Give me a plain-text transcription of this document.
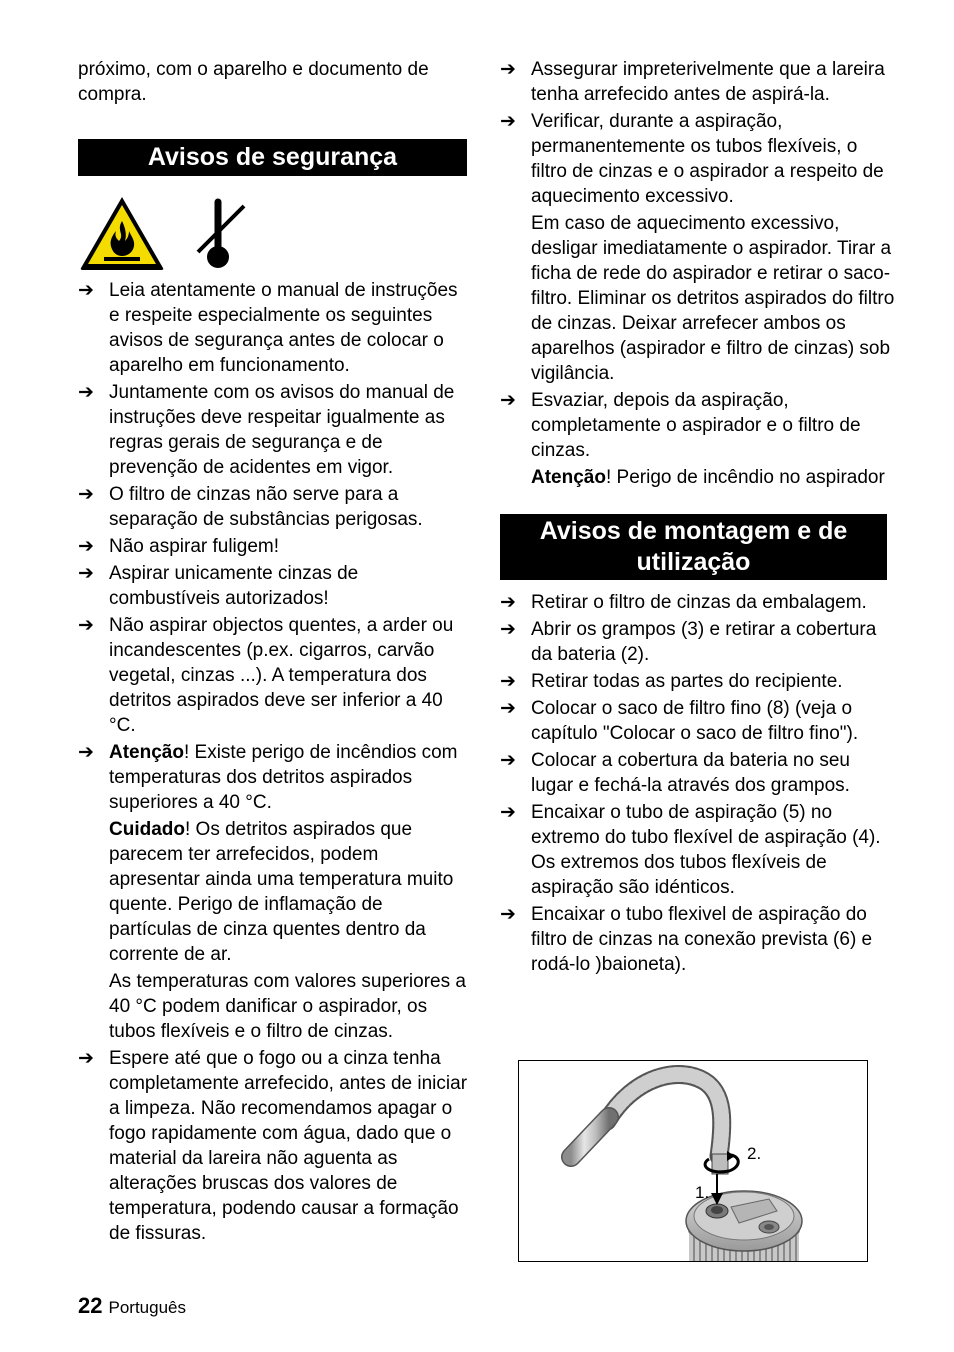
próximo, com o aparelho e documento de compra.

Avisos de segurança
➔ Leia atentamente o manual de instruções e respeite especialmente os seguintes avisos de segurança antes de colocar o aparelho em funcionamento.
➔ Juntamente com os avisos do manual de instruções deve respeitar igualmente as regras gerais de segurança e de prevenção de acidentes em vigor.
➔ O filtro de cinzas não serve para a separação de substâncias perigosas.
➔ Não aspirar fuligem!
➔ Aspirar unicamente cinzas de combustíveis autorizados!
➔ Não aspirar objectos quentes, a arder ou incandescentes (p.ex. cigarros, carvão vegetal, cinzas ...). A temperatura dos detritos aspirados deve ser inferior a 40 °C.
➔ Atenção! Existe perigo de incêndios com temperaturas dos detritos aspirados superiores a 40 °C.
Cuidado! Os detritos aspirados que parecem ter arrefecidos, podem apresentar ainda uma temperatura muito quente. Perigo de inflamação de partículas de cinza quentes dentro da corrente de ar.
As temperaturas com valores superiores a 40 °C podem danificar o aspirador, os tubos flexíveis e o filtro de cinzas.
➔ Espere até que o fogo ou a cinza tenha completamente arrefecido, antes de iniciar a limpeza. Não recomendamos apagar o fogo rapidamente com água, dado que o material da lareira não aguenta as alterações bruscas dos valores de temperatura, podendo causar a formação de fissuras.
➔ Assegurar impreterivelmente que a lareira tenha arrefecido antes de aspirá-la.
➔ Verificar, durante a aspiração, permanentemente os tubos flexíveis, o filtro de cinzas e o aspirador a respeito de aquecimento excessivo.
Em caso de aquecimento excessivo, desligar imediatamente o aspirador. Tirar a ficha de rede do aspirador e retirar o saco-filtro. Eliminar os detritos aspirados do filtro de cinzas. Deixar arrefecer ambos os aparelhos (aspirador e filtro de cinzas) sob vigilância.
➔ Esvaziar, depois da aspiração, completamente o aspirador e o filtro de cinzas.
Atenção! Perigo de incêndio no aspirador
Avisos de montagem e de utilização
➔ Retirar o filtro de cinzas da embalagem.
➔ Abrir os grampos (3) e retirar a cobertura da bateria (2).
➔ Retirar todas as partes do recipiente.
➔ Colocar o saco de filtro fino (8) (veja o capítulo "Colocar o saco de filtro fino").
➔ Colocar a cobertura da bateria no seu lugar e fechá-la através dos grampos.
➔ Encaixar o tubo de aspiração (5) no extremo do tubo flexível de aspiração (4). Os extremos dos tubos flexíveis de aspiração são idénticos.
➔ Encaixar o tubo flexivel de aspiração do filtro de cinzas na conexão prevista (6) e rodá-lo )baioneta).
2.
1.
22 Português
